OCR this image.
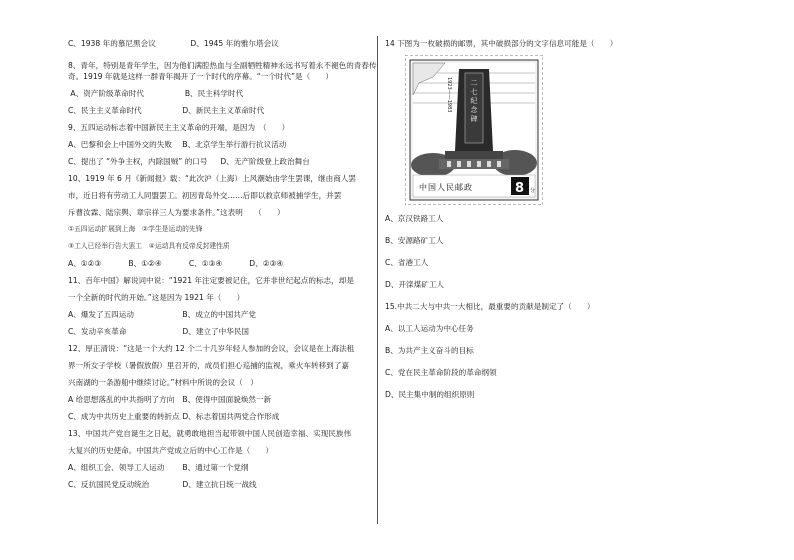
C、1938 年的慕尼黑会议	D、1945 年的雅尔塔会议

8、青年，特别是青年学生，因为他们满腔热血与全副牺牲精神永远书写着永不褪色的青春传

奇。1919 年就是这样一群青年揭开了一个时代的序幕。“一个时代”是（　　）

A、资产阶级革命时代	B、民主科学时代

C、民主主义革命时代	D、新民主主义革命时代

9、五四运动标志着中国新民主主义革命的开端，是因为　（　　）

A、巴黎和会上中国外交的失败 B、北京学生举行游行抗议活动

C、提出了 “外争主权，内除国贼” 的口号 D、无产阶级登上政治舞台

10、1919 年 6 月《新闻报》载：“此次沪（上海）上风潮始由学生罢课，继由商人罢

市，近日将有劳动工人同盟罢工。初因青岛外交……后即以救京师被捕学生，并罢

斥曹汝霖、陆宗舆、章宗祥三人为要求条件。”这表明　　（　　）

①五四运动扩展到上海　②学生是运动的先锋

③工人已经举行告大罢工　④运动具有反帝反封建性质

A、①②③	B、①②④	C、①③④	D、②③④

11、百年中国》解说词中说：“1921 年注定要被记住，它并非世纪起点的标志，却是

一个全新的时代的开始。”这是因为 1921 年（　　）

A、爆发了五四运动	B、成立的中国共产党

C、发动辛亥革命	D、建立了中华民国

12、厚正清说：“这是一个大约 12 个二十几岁年轻人参加的会议，会议是在上海法租

界一所女子学校（暑假放假）里召开的，成员们担心巡捕的监视，乘火车转移到了嘉

兴南湖的一条游船中继续讨论。”材料中所说的会议（　）

A 给思想落乱的中共指明了方向 B、使得中国面貌焕然一新

C、成为中共历史上重要的转折点 D、标志着国共两党合作形成

13、中国共产党自诞生之日起，就勇敢地担当起带领中国人民创造幸福、实现民族伟

大复兴的历史使命。中国共产党成立后的中心工作是（　　）

A、组织工会、领导工人运动 B、通过第一个党纲

C、反抗国民党反动统治	D、建立抗日统一战线

14 下图为一枚破损的邮票，其中破损部分的文字信息可能是（　　）

二七纪念碑
1923——1983
中国人民邮政	8 分

A、京汉铁路工人

B、安源路矿工人

C、省港工人

D、开滦煤矿工人

15.中共二大与中共一大相比，最重要的贡献是制定了（　　）

A、以工人运动为中心任务

B、为共产主义奋斗的目标

C、党在民主革命阶段的革命纲领

D、民主集中制的组织原则
